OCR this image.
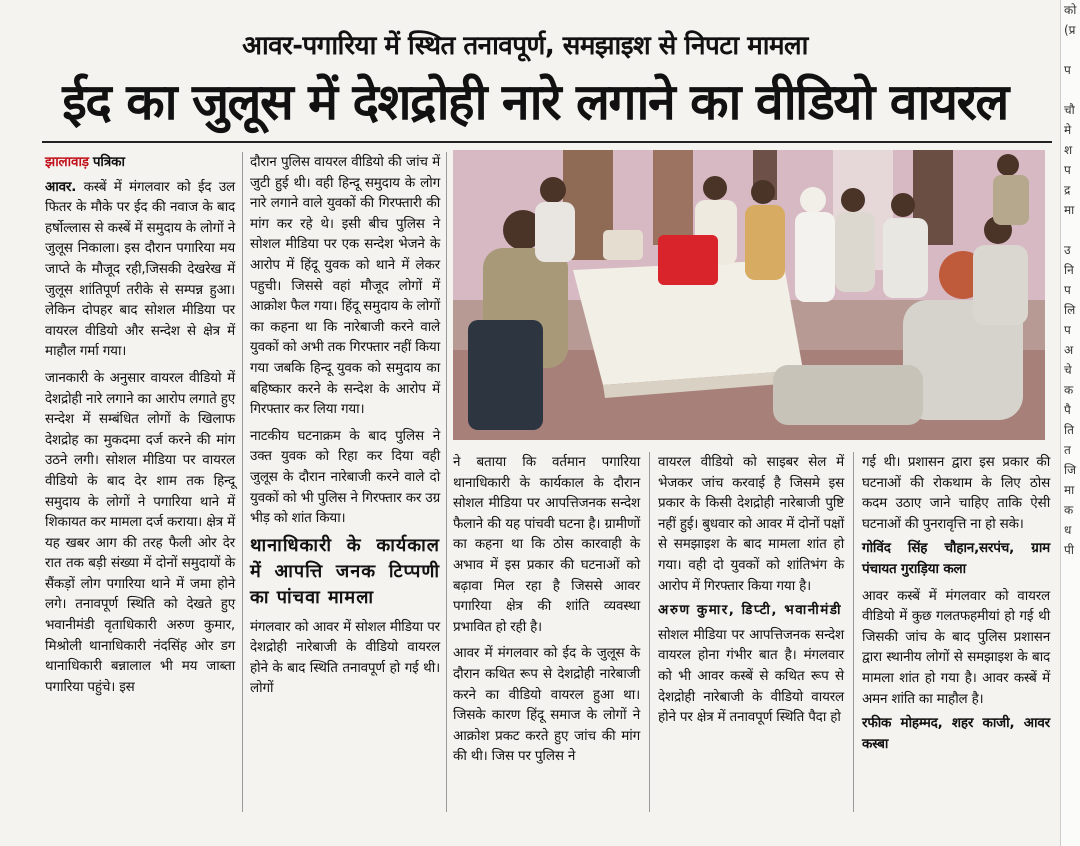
आवर-पगारिया में स्थित तनावपूर्ण, समझाइश से निपटा मामला
ईद का जुलूस में देशद्रोही नारे लगाने का वीडियो वायरल

झालावाड़ पत्रिका

आवर. कस्बें में मंगलवार को ईद उल फितर के मौके पर ईद की नवाज के बाद हर्षोल्लास से कस्बें में समुदाय के लोगों ने जुलूस निकाला। इस दौरान पगारिया मय जाप्ते के मौजूद रही,जिसकी देखरेख में जुलूस शांतिपूर्ण तरीके से सम्पन्न हुआ। लेकिन दोपहर बाद सोशल मीडिया पर वायरल वीडियो और सन्देश से क्षेत्र में माहौल गर्मा गया।

जानकारी के अनुसार वायरल वीडियो में देशद्रोही नारे लगाने का आरोप लगाते हुए सन्देश में सम्बंधित लोगों के खिलाफ देशद्रोह का मुकदमा दर्ज करने की मांग उठने लगी। सोशल मीडिया पर वायरल वीडियो के बाद देर शाम तक हिन्दू समुदाय के लोगों ने पगारिया थाने में शिकायत कर मामला दर्ज कराया। क्षेत्र में यह खबर आग की तरह फैली ओर देर रात तक बड़ी संख्या में दोनों समुदायों के सैंकड़ों लोग पगारिया थाने में जमा होने लगे। तनावपूर्ण स्थिति को देखते हुए भवानीमंडी वृताधिकारी अरुण कुमार, मिश्रोली थानाधिकारी नंदसिंह ओर डग थानाधिकारी बन्नालाल भी मय जाब्ता पगारिया पहुंचे। इस

दौरान पुलिस वायरल वीडियो की जांच में जुटी हुई थी। वही हिन्दू समुदाय के लोग नारे लगाने वाले युवकों की गिरफ्तारी की मांग कर रहे थे। इसी बीच पुलिस ने सोशल मीडिया पर एक सन्देश भेजने के आरोप में हिंदू युवक को थाने में लेकर पहुची। जिससे वहां मौजूद लोगों में आक्रोश फैल गया। हिंदू समुदाय के लोगों का कहना था कि नारेबाजी करने वाले युवकों को अभी तक गिरफ्तार नहीं किया गया जबकि हिन्दू युवक को समुदाय का बहिष्कार करने के सन्देश के आरोप में गिरफ्तार कर लिया गया।

नाटकीय घटनाक्रम के बाद पुलिस ने उक्त युवक को रिहा कर दिया वही जुलूस के दौरान नारेबाजी करने वाले दो युवकों को भी पुलिस ने गिरफ्तार कर उग्र भीड़ को शांत किया।

थानाधिकारी के कार्यकाल में आपत्ति जनक टिप्पणी का पांचवा मामला

मंगलवार को आवर में सोशल मीडिया पर देशद्रोही नारेबाजी के वीडियो वायरल होने के बाद स्थिति तनावपूर्ण हो गई थी। लोगों

ने बताया कि वर्तमान पगारिया थानाधिकारी के कार्यकाल के दौरान सोशल मीडिया पर आपत्तिजनक सन्देश फैलाने की यह पांचवी घटना है। ग्रामीणों का कहना था कि ठोस कारवाही के अभाव में इस प्रकार की घटनाओं को बढ़ावा मिल रहा है जिससे आवर पगारिया क्षेत्र की शांति व्यवस्था प्रभावित हो रही है।

आवर में मंगलवार को ईद के जुलूस के दौरान कथित रूप से देशद्रोही नारेबाजी करने का वीडियो वायरल हुआ था। जिसके कारण हिंदू समाज के लोगों ने आक्रोश प्रकट करते हुए जांच की मांग की थी। जिस पर पुलिस ने

वायरल वीडियो को साइबर सेल में भेजकर जांच करवाई है जिसमे इस प्रकार के किसी देशद्रोही नारेबाजी पुष्टि नहीं हुई। बुधवार को आवर में दोनों पक्षों से समझाइश के बाद मामला शांत हो गया। वही दो युवकों को शांतिभंग के आरोप में गिरफ्तार किया गया है।

अरुण कुमार, डिप्टी, भवानीमंडी

सोशल मीडिया पर आपत्तिजनक सन्देश वायरल होना गंभीर बात है। मंगलवार को भी आवर कस्बें से कथित रूप से देशद्रोही नारेबाजी के वीडियो वायरल होने पर क्षेत्र में तनावपूर्ण स्थिति पैदा हो

गई थी। प्रशासन द्वारा इस प्रकार की घटनाओं की रोकथाम के लिए ठोस कदम उठाए जाने चाहिए ताकि ऐसी घटनाओं की पुनरावृत्ति ना हो सके।

गोविंद सिंह चौहान,सरपंच, ग्राम पंचायत गुराड़िया कला

आवर कस्बें में मंगलवार को वायरल वीडियो में कुछ गलतफहमीयां हो गई थी जिसकी जांच के बाद पुलिस प्रशासन द्वारा स्थानीय लोगों से समझाइश के बाद मामला शांत हो गया है। आवर कस्बें में अमन शांति का माहौल है।

रफीक मोहम्मद, शहर काजी, आवर कस्बा
को
(प्र

प

चौ
मे
श
प
द्र
मा

उ
नि
प
लि
प
अ
चे
क
पै
ति
त
जि
मा
क
ध
पी
